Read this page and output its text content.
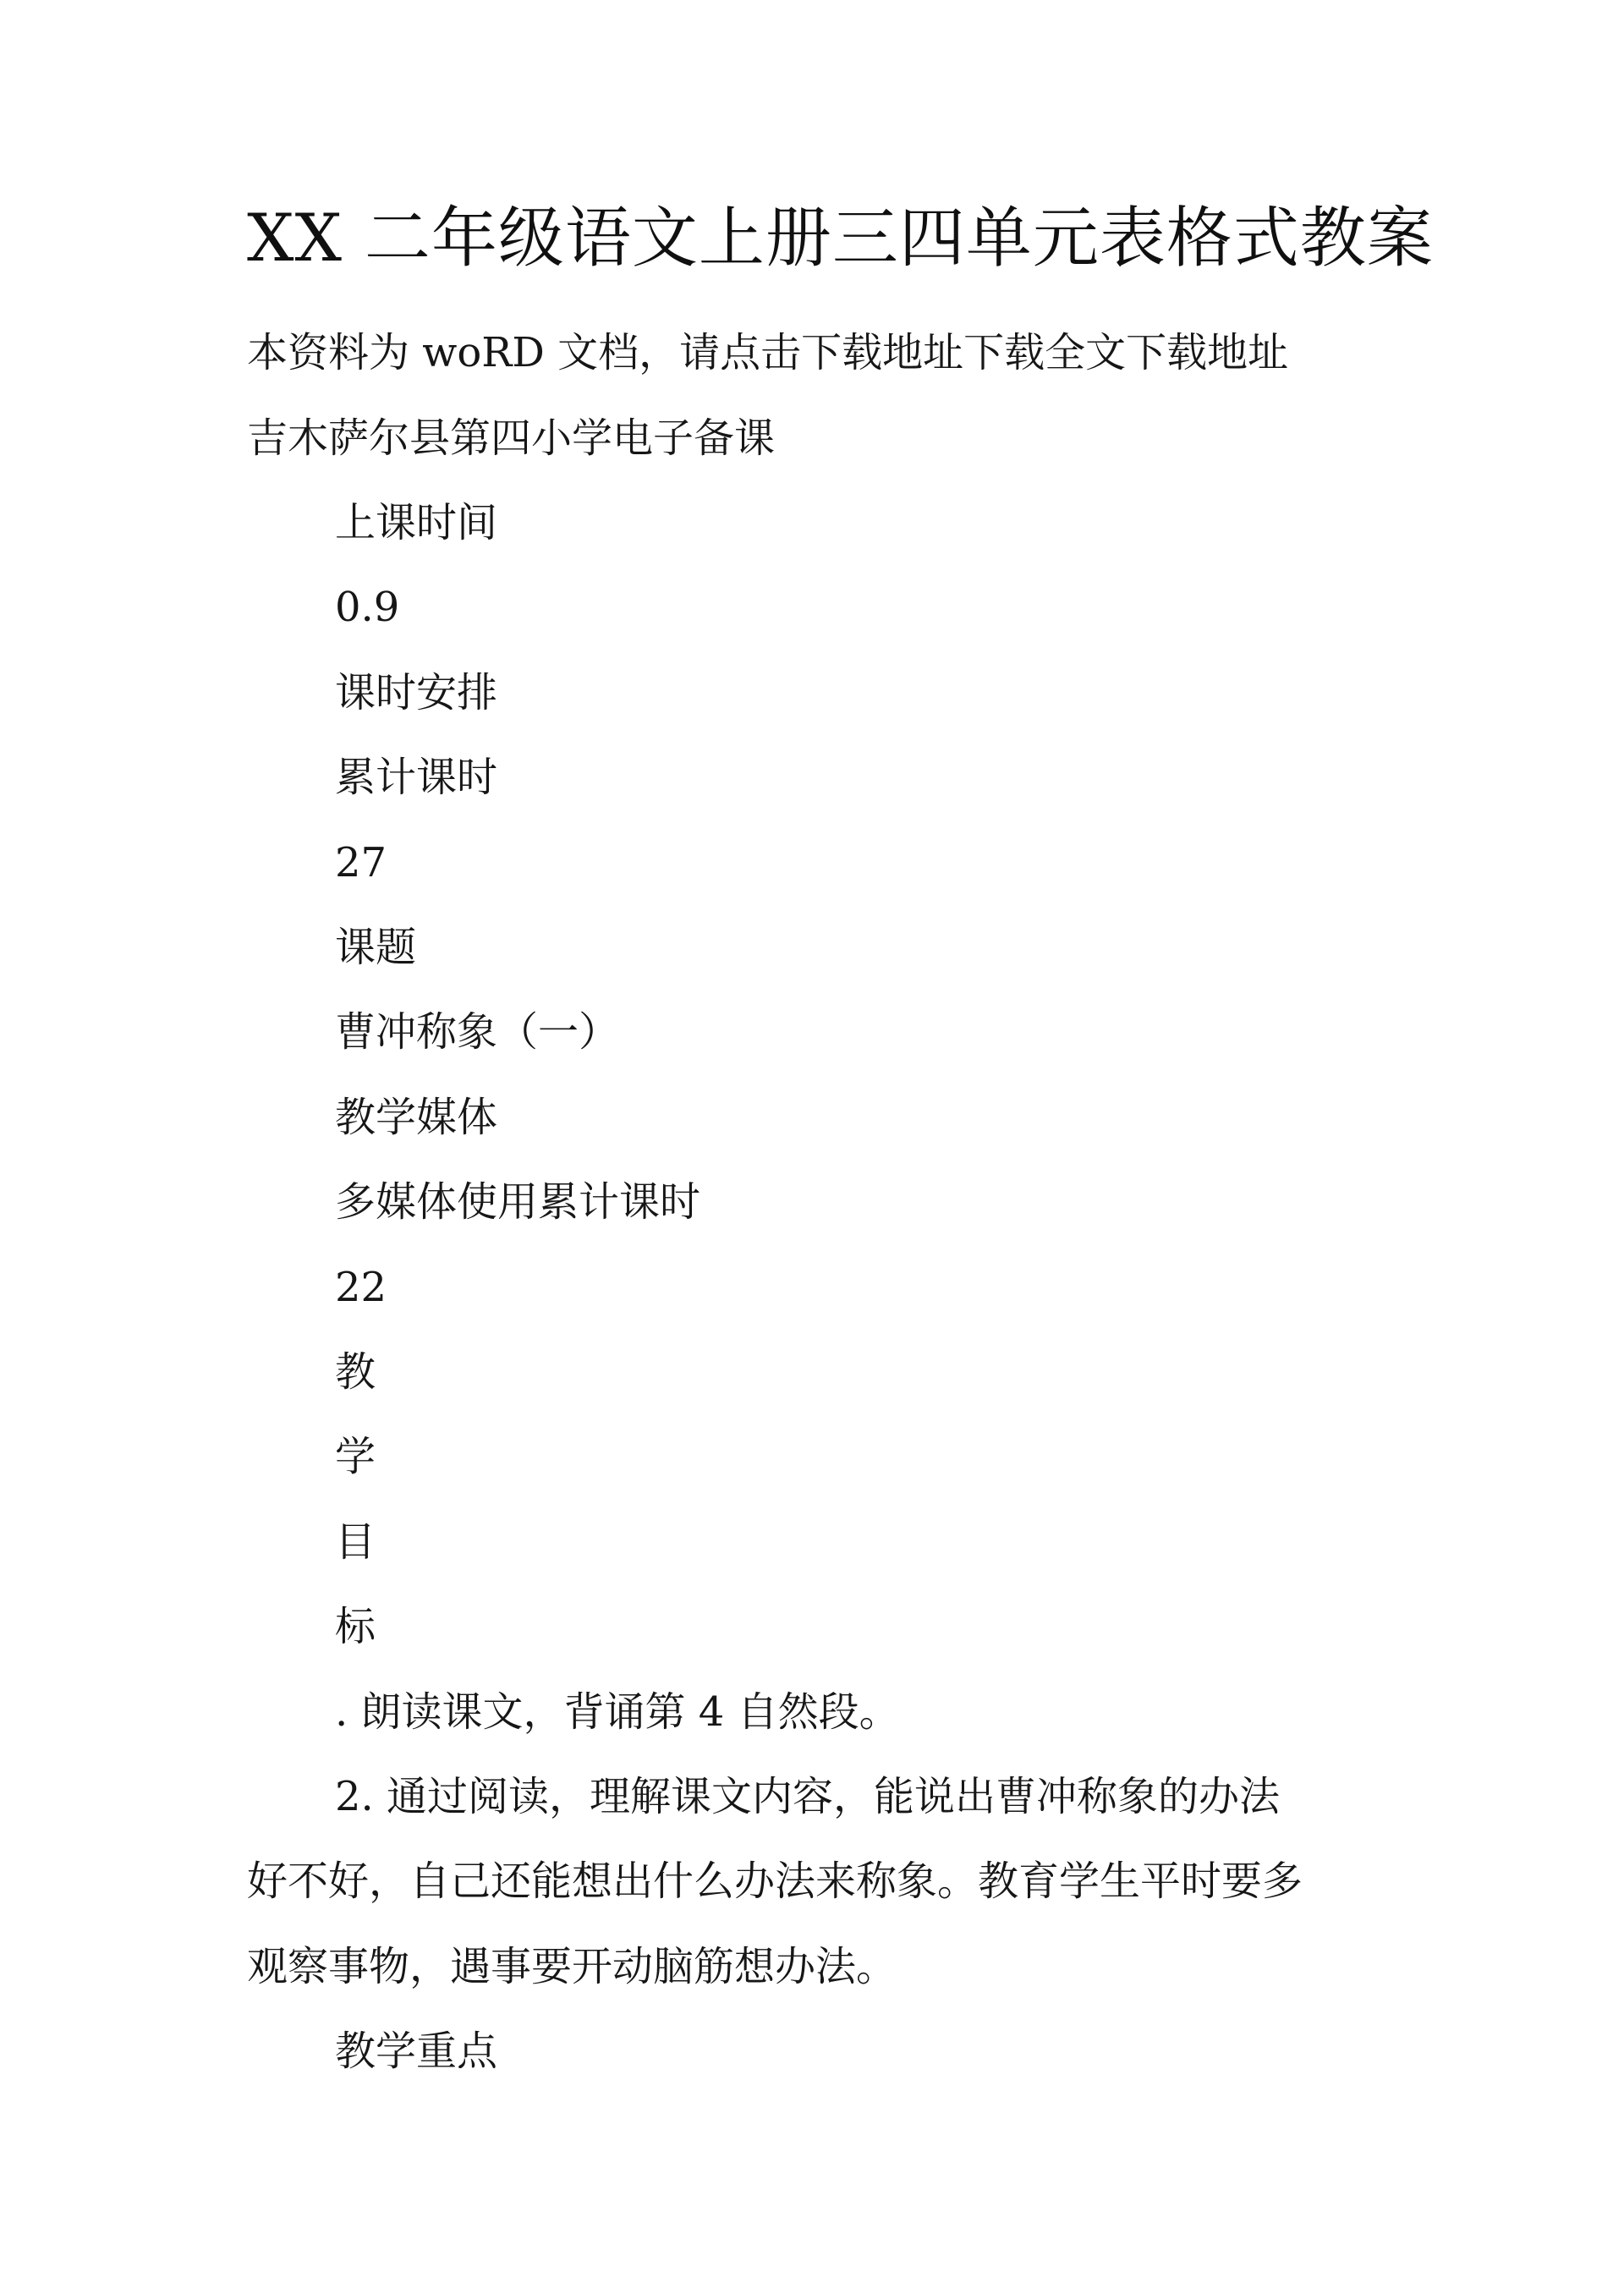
XX 二年级语文上册三四单元表格式教案

本资料为 woRD 文档，请点击下载地址下载全文下载地址

吉木萨尔县第四小学电子备课

上课时间

0.9

课时安排

累计课时

27

课题

曹冲称象（一）

教学媒体

多媒体使用累计课时

22

教

学

目

标

. 朗读课文，背诵第 4 自然段。

2. 通过阅读，理解课文内容，能说出曹冲称象的办法

好不好，自己还能想出什么办法来称象。教育学生平时要多

观察事物，遇事要开动脑筋想办法。

教学重点
